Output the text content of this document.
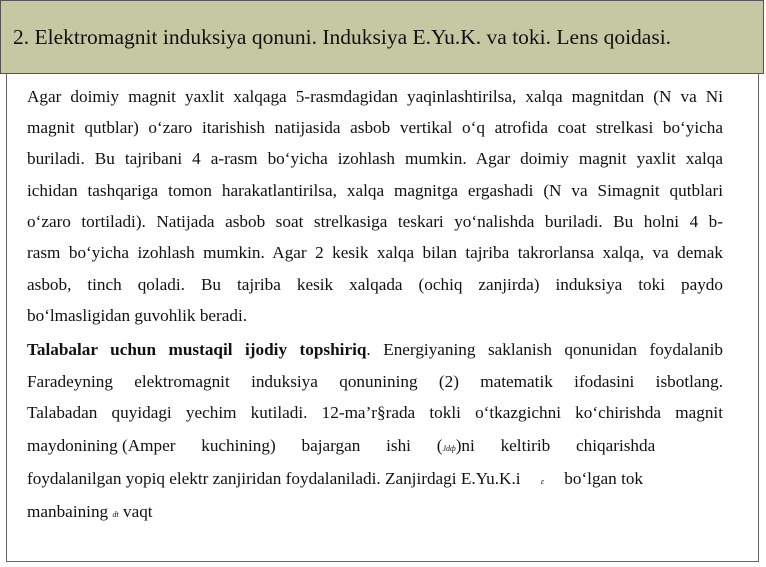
2. Elektromagnit induksiya qonuni. Induksiya E.Yu.K. va toki. Lens qoidasi.
Agar doimiy magnit yaxlit xalqaga 5-rasmdagidan yaqinlashtirilsa, xalqa magnitdan (N va Ni
magnit qutblar) o‘zaro itarishish natijasida asbob vertikal o‘q atrofida coat strelkasi bo‘yicha
buriladi. Bu tajribani 4 a-rasm bo‘yicha izohlash mumkin. Agar doimiy magnit yaxlit xalqa
ichidan tashqariga tomon harakatlantirilsa, xalqa magnitga ergashadi (N va Simagnit qutblari
o‘zaro tortiladi). Natijada asbob soat strelkasiga teskari yo‘nalishda buriladi. Bu holni 4 b-
rasm bo‘yicha izohlash mumkin. Agar 2 kesik xalqa bilan tajriba takrorlansa xalqa, va demak
asbob, tinch qoladi. Bu tajriba kesik xalqada (ochiq zanjirda) induksiya toki paydo
bo‘lmasligidan guvohlik beradi.
Talabalar uchun mustaqil ijodiy topshiriq. Energiyaning saklanish qonunidan foydalanib
Faradeyning elektromagnit induksiya qonunining (2) matematik ifodasini isbotlang.
Talabadan quyidagi yechim kutiladi. 12-ma’r§rada tokli o‘tkazgichni ko‘chirishda magnit
maydonining (Amper      kuchining)      bajargan      ishi      (Jdф)ni      keltirib      chiqarishda
foydalanilgan yopiq elektr zanjiridan foydalaniladi. Zanjirdagi E.Yu.K.i	ε bo‘lgan tok
manbaining dt vaqt
